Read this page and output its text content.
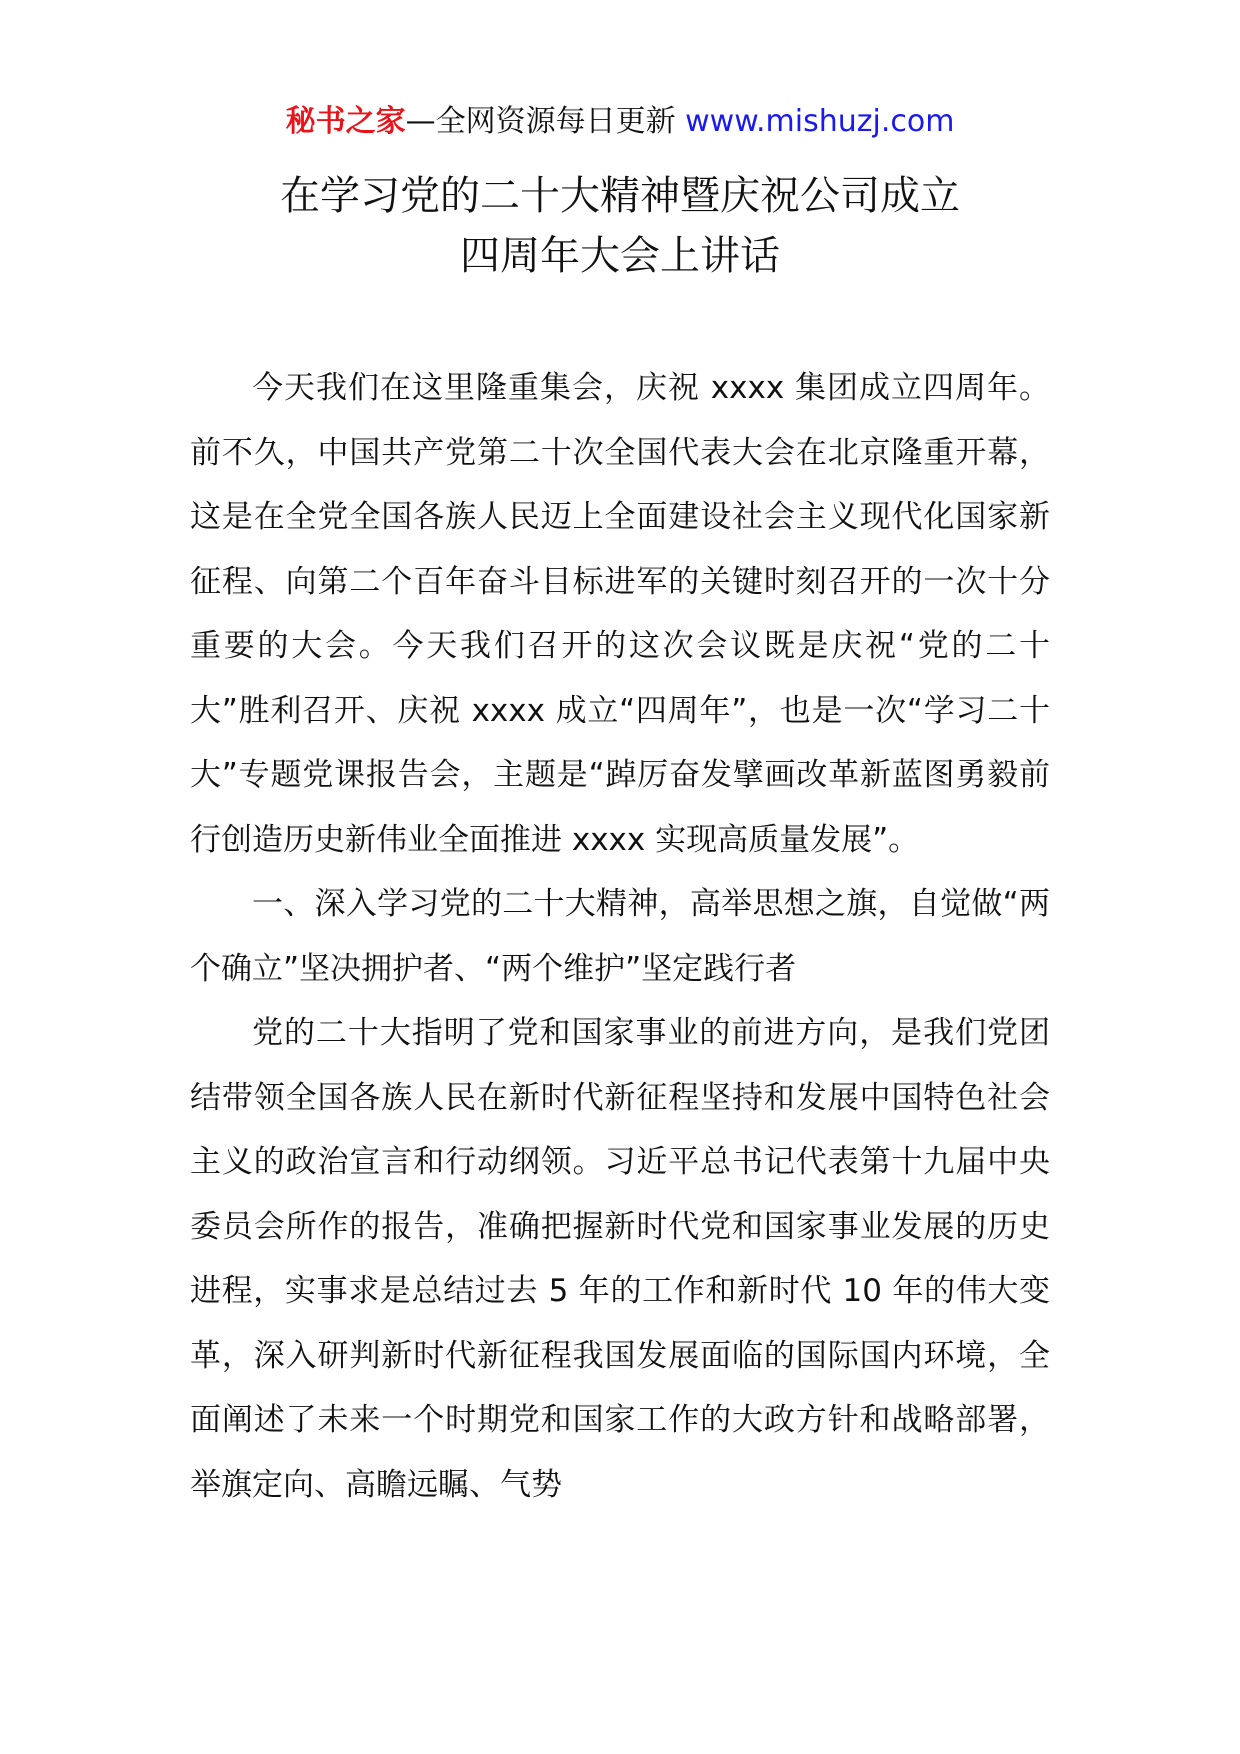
秘书之家—全网资源每日更新 www.mishuzj.com
在学习党的二十大精神暨庆祝公司成立
四周年大会上讲话

今天我们在这里隆重集会，庆祝 xxxx 集团成立四周年。前不久，中国共产党第二十次全国代表大会在北京隆重开幕，这是在全党全国各族人民迈上全面建设社会主义现代化国家新征程、向第二个百年奋斗目标进军的关键时刻召开的一次十分重要的大会。今天我们召开的这次会议既是庆祝“党的二十大”胜利召开、庆祝 xxxx 成立“四周年”，也是一次“学习二十大”专题党课报告会，主题是“踔厉奋发擘画改革新蓝图勇毅前行创造历史新伟业全面推进 xxxx 实现高质量发展”。

一、深入学习党的二十大精神，高举思想之旗，自觉做“两个确立”坚决拥护者、“两个维护”坚定践行者

党的二十大指明了党和国家事业的前进方向，是我们党团结带领全国各族人民在新时代新征程坚持和发展中国特色社会主义的政治宣言和行动纲领。习近平总书记代表第十九届中央委员会所作的报告，准确把握新时代党和国家事业发展的历史进程，实事求是总结过去 5 年的工作和新时代 10 年的伟大变革，深入研判新时代新征程我国发展面临的国际国内环境，全面阐述了未来一个时期党和国家工作的大政方针和战略部署，举旗定向、高瞻远瞩、气势
